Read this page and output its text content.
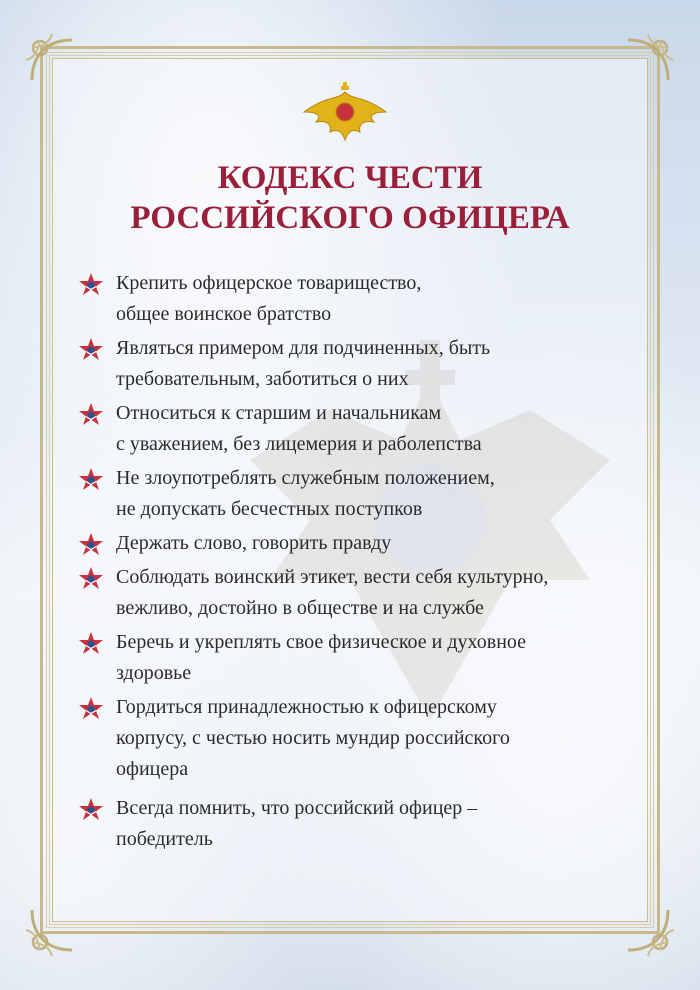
КОДЕКС ЧЕСТИ
РОССИЙСКОГО ОФИЦЕРА
Крепить офицерское товарищество,
общее воинское братство
Являться примером для подчиненных, быть
требовательным, заботиться о них
Относиться к старшим и начальникам
с уважением, без лицемерия и раболепства
Не злоупотреблять служебным положением,
не допускать бесчестных поступков
Держать слово, говорить правду
Соблюдать воинский этикет, вести себя культурно,
вежливо, достойно в обществе и на службе
Беречь и укреплять свое физическое и духовное
здоровье
Гордиться принадлежностью к офицерскому
корпусу, с честью носить мундир российского
офицера
Всегда помнить, что российский офицер –
победитель
